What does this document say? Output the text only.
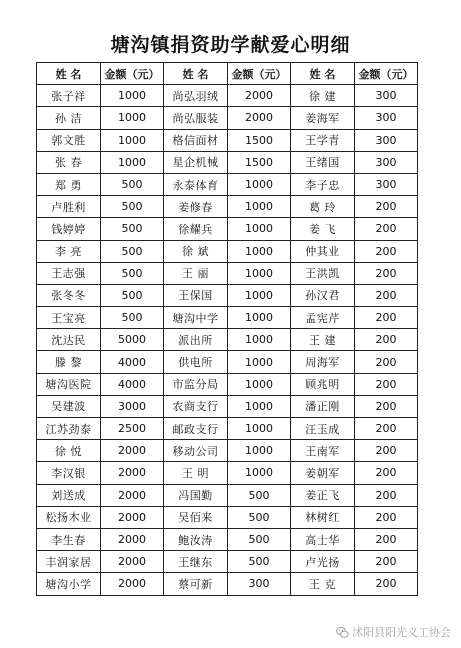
塘沟镇捐资助学献爱心明细
姓 名	金额（元）	姓 名	金额（元）	姓 名	金额（元）
张子祥	1000	尚弘羽绒	2000	徐 建	300
孙 洁	1000	尚弘服装	2000	姜海军	300
郭文胜	1000	格信面材	1500	王学青	300
张 春	1000	星企机械	1500	王绪国	300
郑 勇	500	永泰体育	1000	李子忠	300
卢胜利	500	姜修春	1000	葛 玲	200
钱婷婷	500	徐耀兵	1000	姜 飞	200
李 亮	500	徐 斌	1000	仲其业	200
王志强	500	王 丽	1000	王洪凯	200
张冬冬	500	王保国	1000	孙汉君	200
王宝亮	500	塘沟中学	1000	孟宪芹	200
沈达民	5000	派出所	1000	王 建	200
滕 黎	4000	供电所	1000	周海军	200
塘沟医院	4000	市监分局	1000	顾兆明	200
吴建波	3000	农商支行	1000	潘正刚	200
江苏劲泰	2500	邮政支行	1000	汪玉成	200
徐 悦	2000	移动公司	1000	王南军	200
李汉银	2000	王 明	1000	姜朝军	200
刘送成	2000	冯国勤	500	姜正飞	200
松扬木业	2000	吴佰来	500	林树红	200
李生春	2000	鲍汝涛	500	高士华	200
丰润家居	2000	王继东	500	卢光扬	200
塘沟小学	2000	蔡可新	300	王 克	200
沭阳县阳光义工协会
